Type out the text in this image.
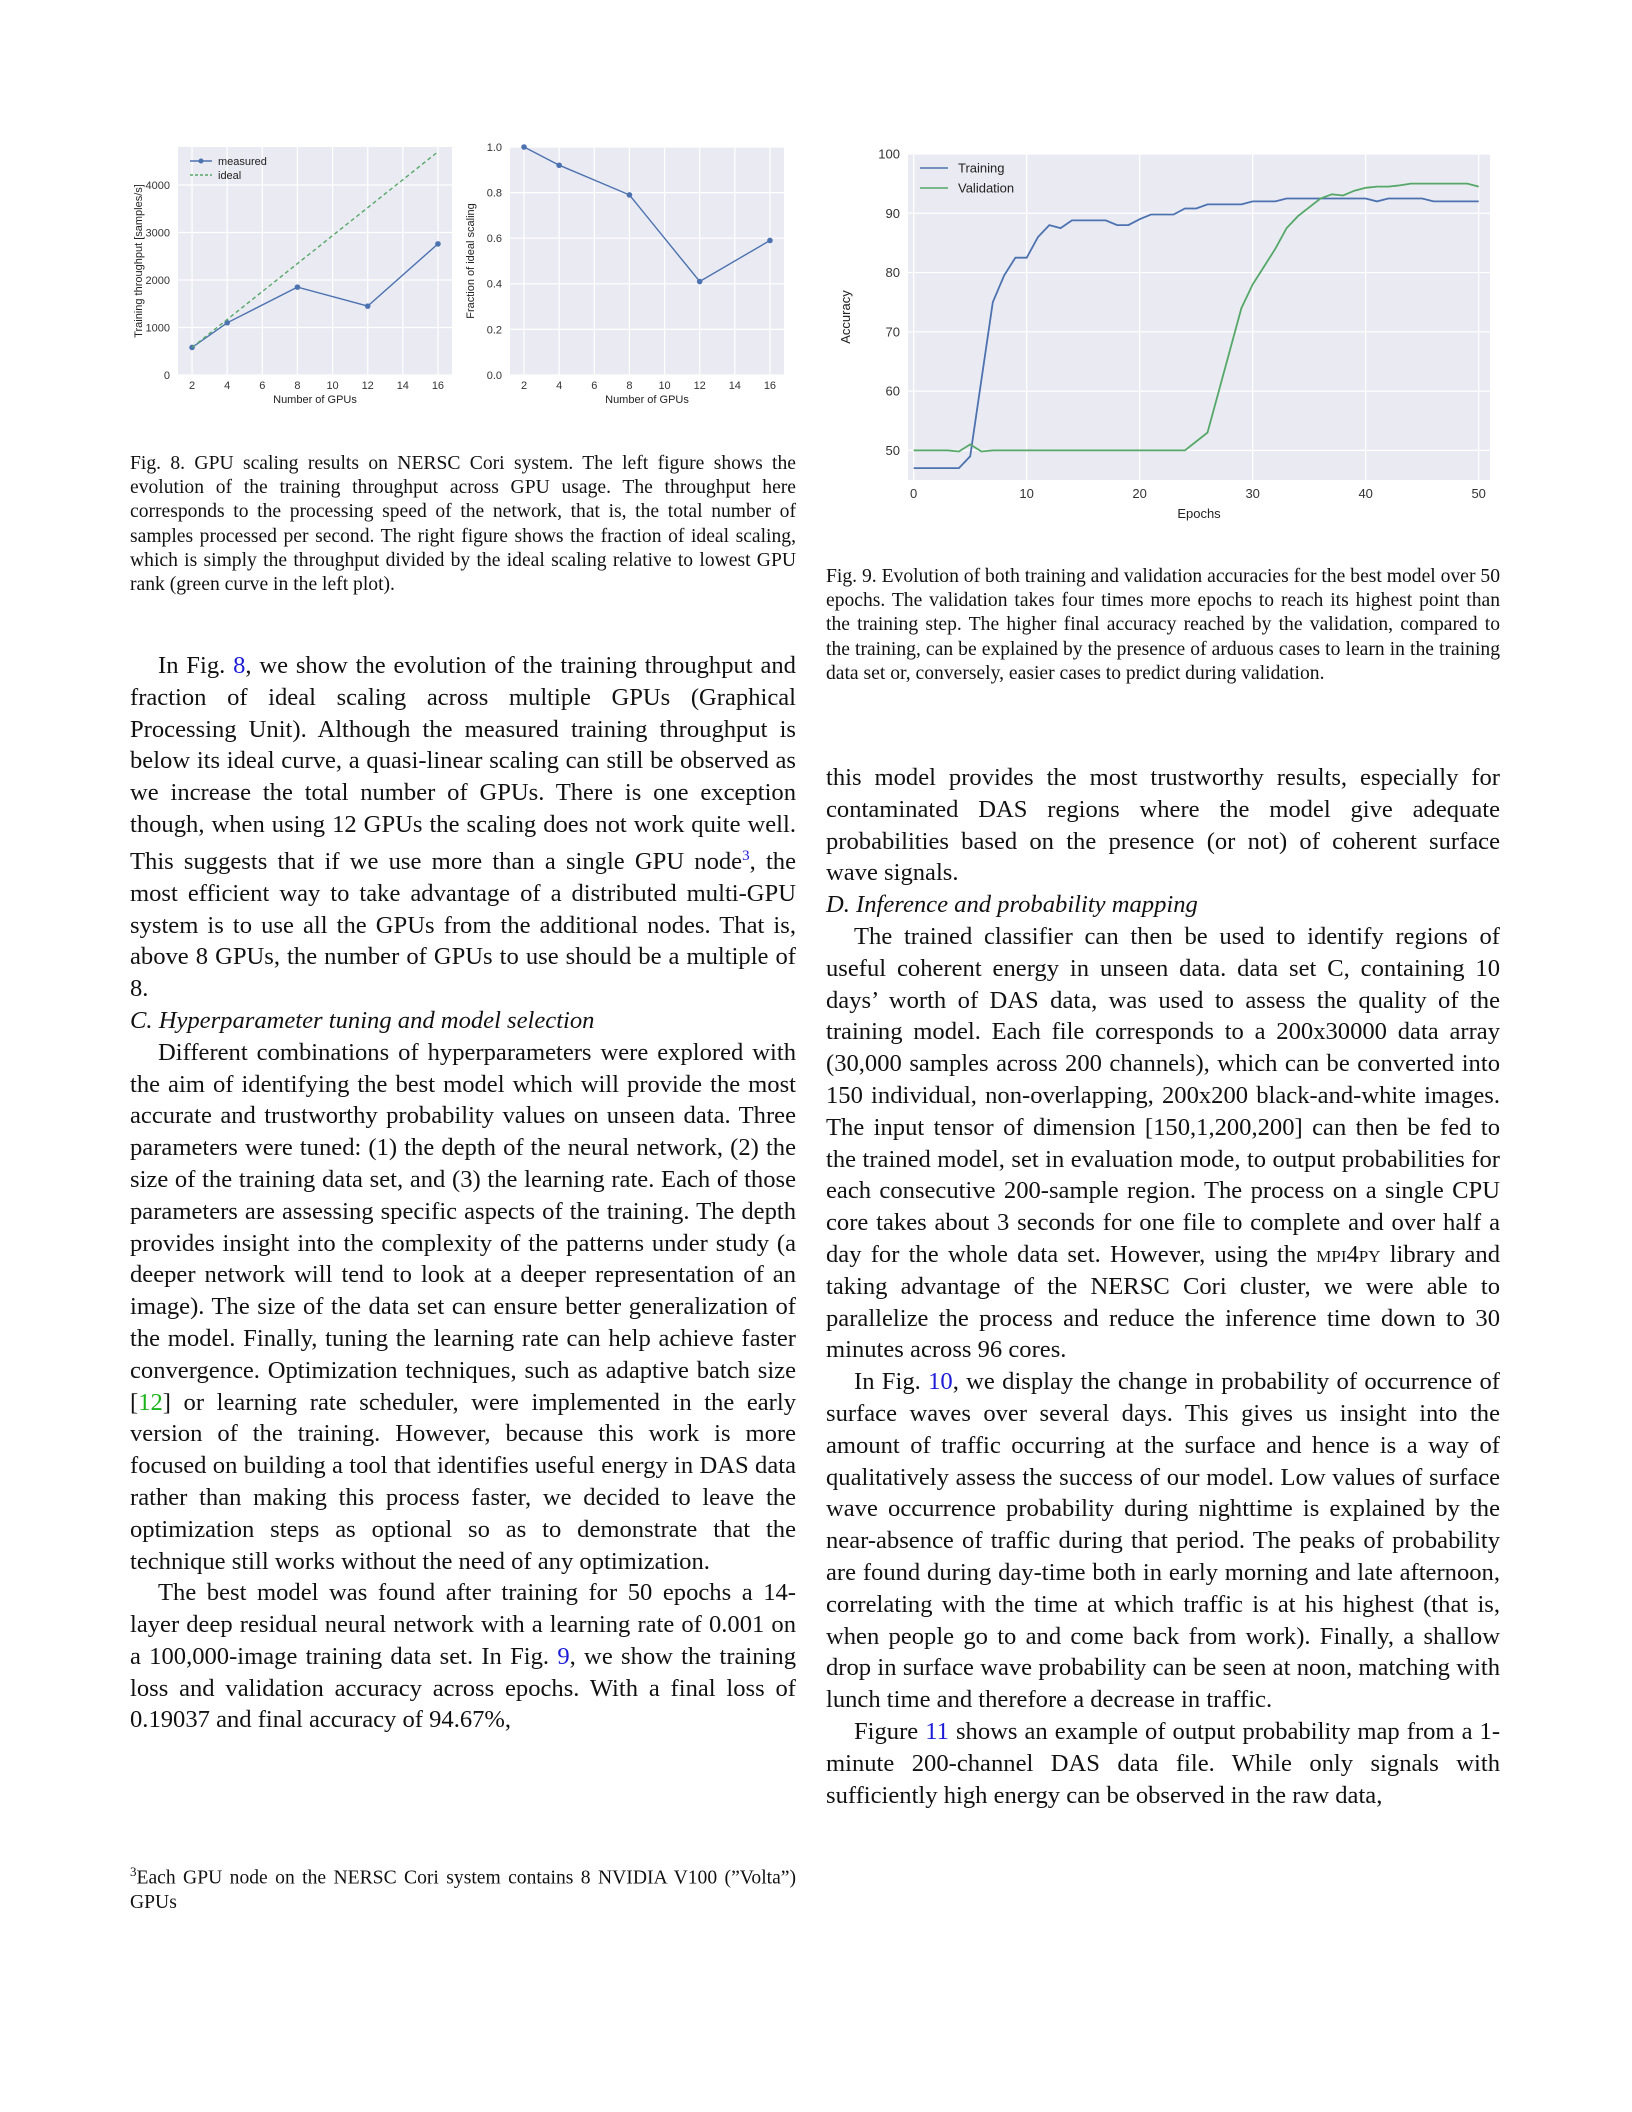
0
1000
2000
3000
4000
2	4	6	8 10 12 14 16
Number of GPUs
Training throughput [samples/s]
measured
ideal
0.0
0.2
0.4
0.6
0.8
1.0
2	4	6	8 10 12 14 16
Number of GPUs
Fraction of ideal scaling
50
60
70
80
90
100
0	10	20	30	40	50
Epochs
Accuracy
Training
Validation
Fig. 8. GPU scaling results on NERSC Cori system. The left figure shows the evolution of the training throughput across GPU usage. The throughput here corresponds to the processing speed of the network, that is, the total number of samples processed per second. The right figure shows the fraction of ideal scaling, which is simply the throughput divided by the ideal scaling relative to lowest GPU rank (green curve in the left plot).	Fig. 9. Evolution of both training and validation accuracies for the best model over 50 epochs. The validation takes four times more epochs to reach its highest point than the training step. The higher final accuracy reached by the validation, compared to the training, can be explained by the presence of arduous cases to learn in the training data set or, conversely, easier cases to predict during validation.

In Fig. 8, we show the evolution of the training throughput and fraction of ideal scaling across multiple GPUs (Graphical Processing Unit). Although the measured training throughput is below its ideal curve, a quasi-linear scaling can still be observed as we increase the total number of GPUs. There is one exception though, when using 12 GPUs the scaling does not work quite well. This suggests that if we use more than a single GPU node$^3$, the most efficient way to take advantage of a distributed multi-GPU system is to use all the GPUs from the additional nodes. That is, above 8 GPUs, the number of GPUs to use should be a multiple of 8.

C. Hyperparameter tuning and model selection

Different combinations of hyperparameters were explored with the aim of identifying the best model which will provide the most accurate and trustworthy probability values on unseen data. Three parameters were tuned: (1) the depth of the neural network, (2) the size of the training data set, and (3) the learning rate. Each of those parameters are assessing specific aspects of the training. The depth provides insight into the complexity of the patterns under study (a deeper network will tend to look at a deeper representation of an image). The size of the data set can ensure better generalization of the model. Finally, tuning the learning rate can help achieve faster convergence. Optimization techniques, such as adaptive batch size [12] or learning rate scheduler, were implemented in the early version of the training. However, because this work is more focused on building a tool that identifies useful energy in DAS data rather than making this process faster, we decided to leave the optimization steps as optional so as to demonstrate that the technique still works without the need of any optimization.

The best model was found after training for 50 epochs a 14-layer deep residual neural network with a learning rate of 0.001 on a 100,000-image training data set. In Fig. 9, we show the training loss and validation accuracy across epochs. With a final loss of 0.19037 and final accuracy of 94.67%,

$^3$Each GPU node on the NERSC Cori system contains 8 NVIDIA V100 (”Volta”) GPUs

this model provides the most trustworthy results, especially for contaminated DAS regions where the model give adequate probabilities based on the presence (or not) of coherent surface wave signals.

D. Inference and probability mapping

The trained classifier can then be used to identify regions of useful coherent energy in unseen data. data set C, containing 10 days’ worth of DAS data, was used to assess the quality of the training model. Each file corresponds to a 200x30000 data array (30,000 samples across 200 channels), which can be converted into 150 individual, non-overlapping, 200x200 black-and-white images. The input tensor of dimension [150,1,200,200] can then be fed to the trained model, set in evaluation mode, to output probabilities for each consecutive 200-sample region. The process on a single CPU core takes about 3 seconds for one file to complete and over half a day for the whole data set. However, using the mpi4py library and taking advantage of the NERSC Cori cluster, we were able to parallelize the process and reduce the inference time down to 30 minutes across 96 cores.

In Fig. 10, we display the change in probability of occurrence of surface waves over several days. This gives us insight into the amount of traffic occurring at the surface and hence is a way of qualitatively assess the success of our model. Low values of surface wave occurrence probability during nighttime is explained by the near-absence of traffic during that period. The peaks of probability are found during day-time both in early morning and late afternoon, correlating with the time at which traffic is at his highest (that is, when people go to and come back from work). Finally, a shallow drop in surface wave probability can be seen at noon, matching with lunch time and therefore a decrease in traffic.

Figure 11 shows an example of output probability map from a 1-minute 200-channel DAS data file. While only signals with sufficiently high energy can be observed in the raw data,
